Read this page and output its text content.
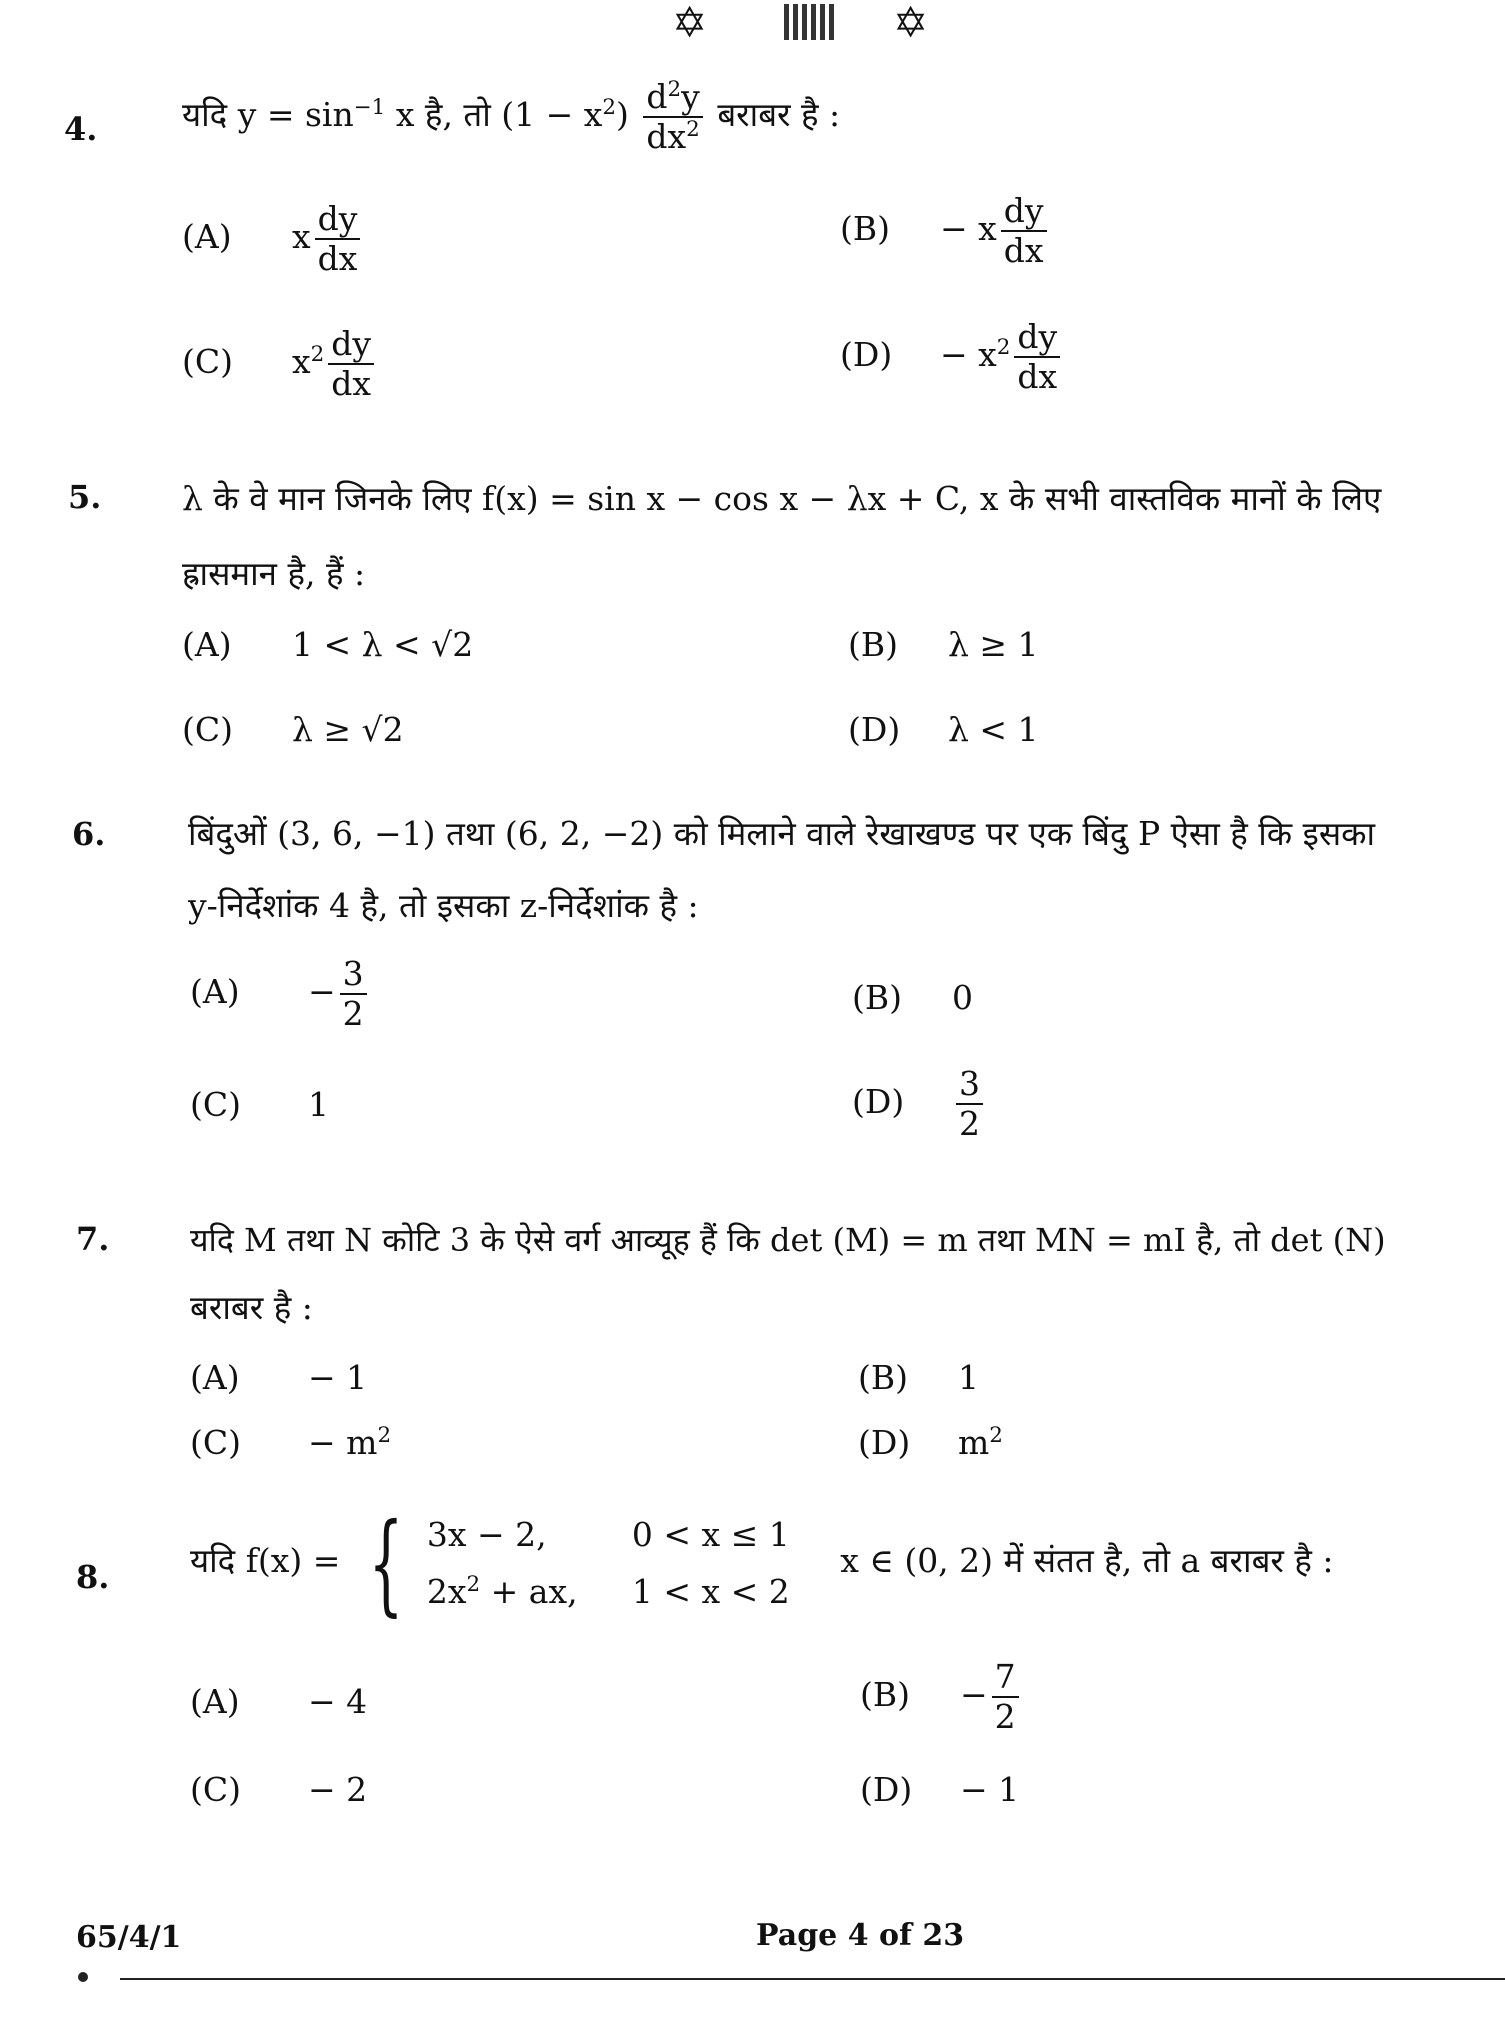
✡	✡
4.	यदि $y = \sin^{-1} x$ है, तो $(1 - x^2) \frac{d^2y}{dx^2}$ बराबर है :
(A) x $\frac{dy}{dx}$	(B) − x $\frac{dy}{dx}$
(C) $x^2 \frac{dy}{dx}$	$(D) - x^2 \frac{dy}{dx}$
5. λ के वे मान जिनके लिए f(x) = sin x − cos x − λx + C, x के सभी वास्तविक मानों के लिए
ह्रासमान है, हैं :
(A) 1 < λ < √2	(B) λ ≥ 1
(C) λ ≥ √2	(D) λ < 1
6.	बिंदुओं (3, 6, −1) तथा (6, 2, −2) को मिलाने वाले रेखाखण्ड पर एक बिंदु P ऐसा है कि इसका
y-निर्देशांक 4 है, तो इसका z-निर्देशांक है :
$(A) - \frac{3}{2}$	(B) 0
(C) 1	$(D) \frac{3}{2}$
7.	यदि M तथा N कोटि 3 के ऐसे वर्ग आव्यूह हैं कि det (M) = m तथा MN = mI है, तो det (N)
बराबर है :
(A) − 1	(B) 1
$(C) - m^2$	(D) $m^2$
8. यदि f(x) = { 3x − 2,	0 < x ≤ 1
$2x^2$ + ax,	1 < x < 2
x ∈ (0, 2) में संतत है, तो a बराबर है :
(A) − 4	$(B) - \frac{7}{2}$
(C) − 2	(D) − 1
65/4/1	Page 4 of 23
